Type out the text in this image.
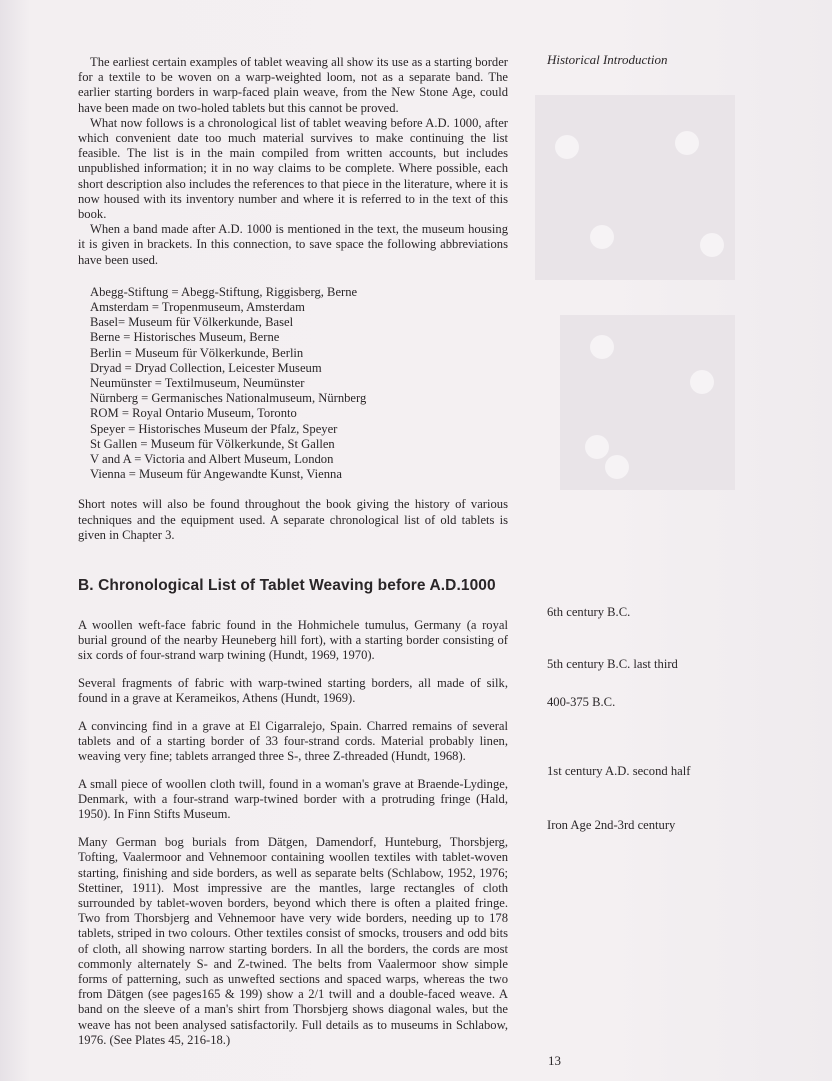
Historical Introduction

The earliest certain examples of tablet weaving all show its use as a starting border for a textile to be woven on a warp-weighted loom, not as a separate band. The earlier starting borders in warp-faced plain weave, from the New Stone Age, could have been made on two-holed tablets but this cannot be proved.

What now follows is a chronological list of tablet weaving before A.D. 1000, after which convenient date too much material survives to make continuing the list feasible. The list is in the main compiled from written accounts, but includes unpublished information; it in no way claims to be complete. Where possible, each short description also includes the references to that piece in the literature, where it is now housed with its inventory number and where it is referred to in the text of this book.

When a band made after A.D. 1000 is mentioned in the text, the museum housing it is given in brackets. In this connection, to save space the following abbreviations have been used.

Abegg-Stiftung = Abegg-Stiftung, Riggisberg, Berne
Amsterdam = Tropenmuseum, Amsterdam
Basel= Museum für Völkerkunde, Basel
Berne = Historisches Museum, Berne
Berlin = Museum für Völkerkunde, Berlin
Dryad = Dryad Collection, Leicester Museum
Neumünster = Textilmuseum, Neumünster
Nürnberg = Germanisches Nationalmuseum, Nürnberg
ROM = Royal Ontario Museum, Toronto
Speyer = Historisches Museum der Pfalz, Speyer
St Gallen = Museum für Völkerkunde, St Gallen
V and A = Victoria and Albert Museum, London
Vienna = Museum für Angewandte Kunst, Vienna

Short notes will also be found throughout the book giving the history of various techniques and the equipment used. A separate chronological list of old tablets is given in Chapter 3.

B. Chronological List of Tablet Weaving before A.D.1000

A woollen weft-face fabric found in the Hohmichele tumulus, Germany (a royal burial ground of the nearby Heuneberg hill fort), with a starting border consisting of six cords of four-strand warp twining (Hundt, 1969, 1970).

Several fragments of fabric with warp-twined starting borders, all made of silk, found in a grave at Kerameikos, Athens (Hundt, 1969).

A convincing find in a grave at El Cigarralejo, Spain. Charred remains of several tablets and of a starting border of 33 four-strand cords. Material probably linen, weaving very fine; tablets arranged three S-, three Z-threaded (Hundt, 1968).

A small piece of woollen cloth twill, found in a woman's grave at Braende-Lydinge, Denmark, with a four-strand warp-twined border with a protruding fringe (Hald, 1950). In Finn Stifts Museum.

Many German bog burials from Dätgen, Damendorf, Hunteburg, Thorsbjerg, Tofting, Vaalermoor and Vehnemoor containing woollen textiles with tablet-woven starting, finishing and side borders, as well as separate belts (Schlabow, 1952, 1976; Stettiner, 1911). Most impressive are the mantles, large rectangles of cloth surrounded by tablet-woven borders, beyond which there is often a plaited fringe. Two from Thorsbjerg and Vehnemoor have very wide borders, needing up to 178 tablets, striped in two colours. Other textiles consist of smocks, trousers and odd bits of cloth, all showing narrow starting borders. In all the borders, the cords are most commonly alternately S- and Z-twined. The belts from Vaalermoor show simple forms of patterning, such as unwefted sections and spaced warps, whereas the two from Dätgen (see pages165 & 199) show a 2/1 twill and a double-faced weave. A band on the sleeve of a man's shirt from Thorsbjerg shows diagonal wales, but the weave has not been analysed satisfactorily. Full details as to museums in Schlabow, 1976. (See Plates 45, 216-18.)

6th century B.C.
5th century B.C. last third
400-375 B.C.
1st century A.D. second half
Iron Age 2nd-3rd century
13
